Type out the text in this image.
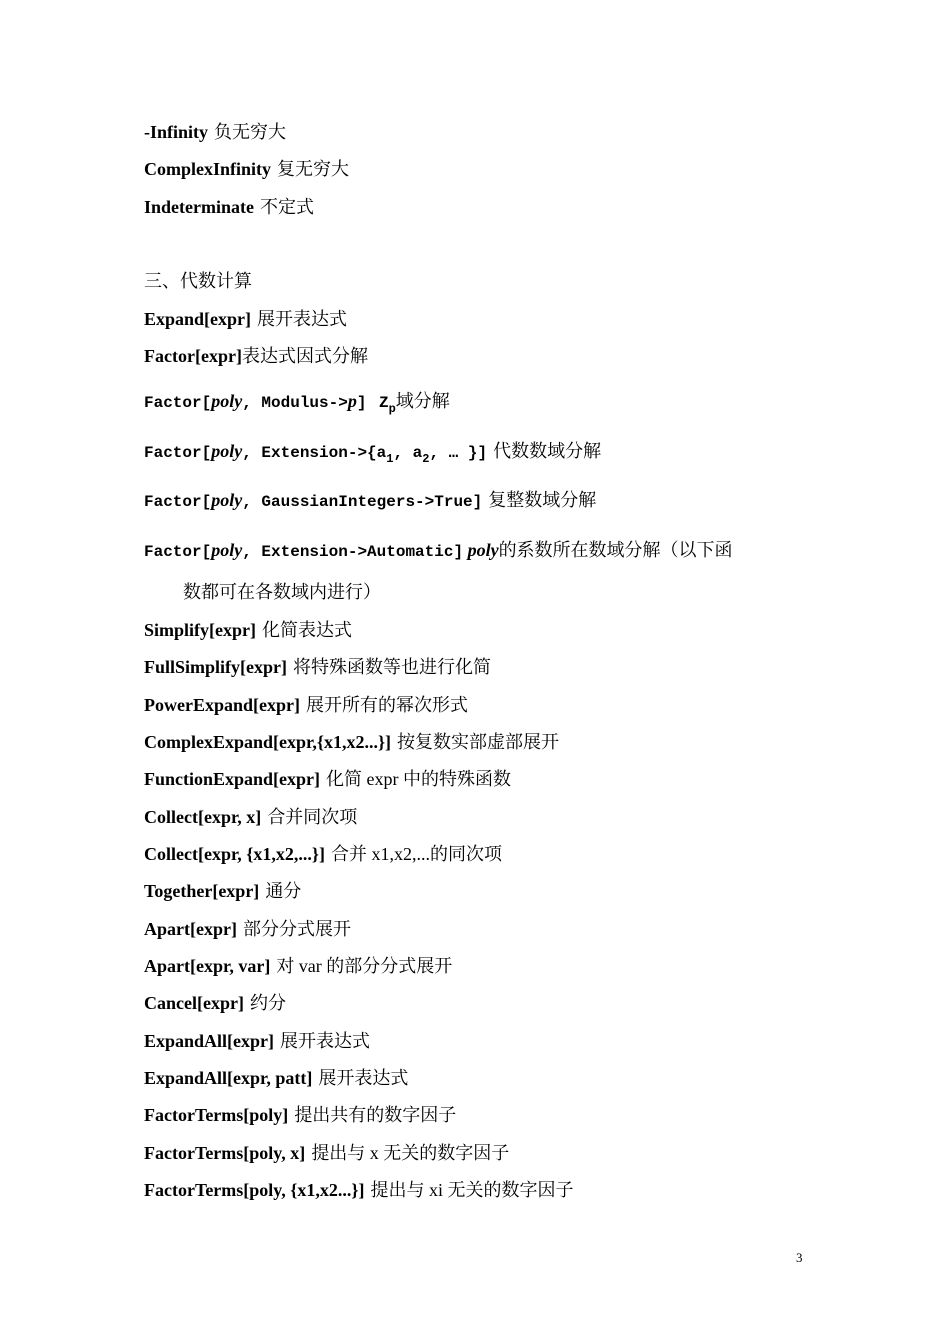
-Infinity 负无穷大
ComplexInfinity 复无穷大
Indeterminate 不定式
三、代数计算
Expand[expr] 展开表达式
Factor[expr]表达式因式分解
Factor[poly, Modulus->p] $Z_p$域分解
Factor[poly, Extension-$>\{a_1$, $a_2$, … }] 代数数域分解
Factor[poly, GaussianIntegers->True] 复整数域分解
Factor[poly, Extension->Automatic] poly的系数所在数域分解（以下函
数都可在各数域内进行）
Simplify[expr] 化简表达式
FullSimplify[expr] 将特殊函数等也进行化简
PowerExpand[expr] 展开所有的幂次形式
ComplexExpand[expr,{x1,x2...}] 按复数实部虚部展开
FunctionExpand[expr] 化简 expr 中的特殊函数
Collect[expr, x] 合并同次项
Collect[expr, {x1,x2,...}] 合并 x1,x2,...的同次项
Together[expr] 通分
Apart[expr] 部分分式展开
Apart[expr, var] 对 var 的部分分式展开
Cancel[expr] 约分
ExpandAll[expr] 展开表达式
ExpandAll[expr, patt] 展开表达式
FactorTerms[poly] 提出共有的数字因子
FactorTerms[poly, x] 提出与 x 无关的数字因子
FactorTerms[poly, {x1,x2...}] 提出与 xi 无关的数字因子
3
